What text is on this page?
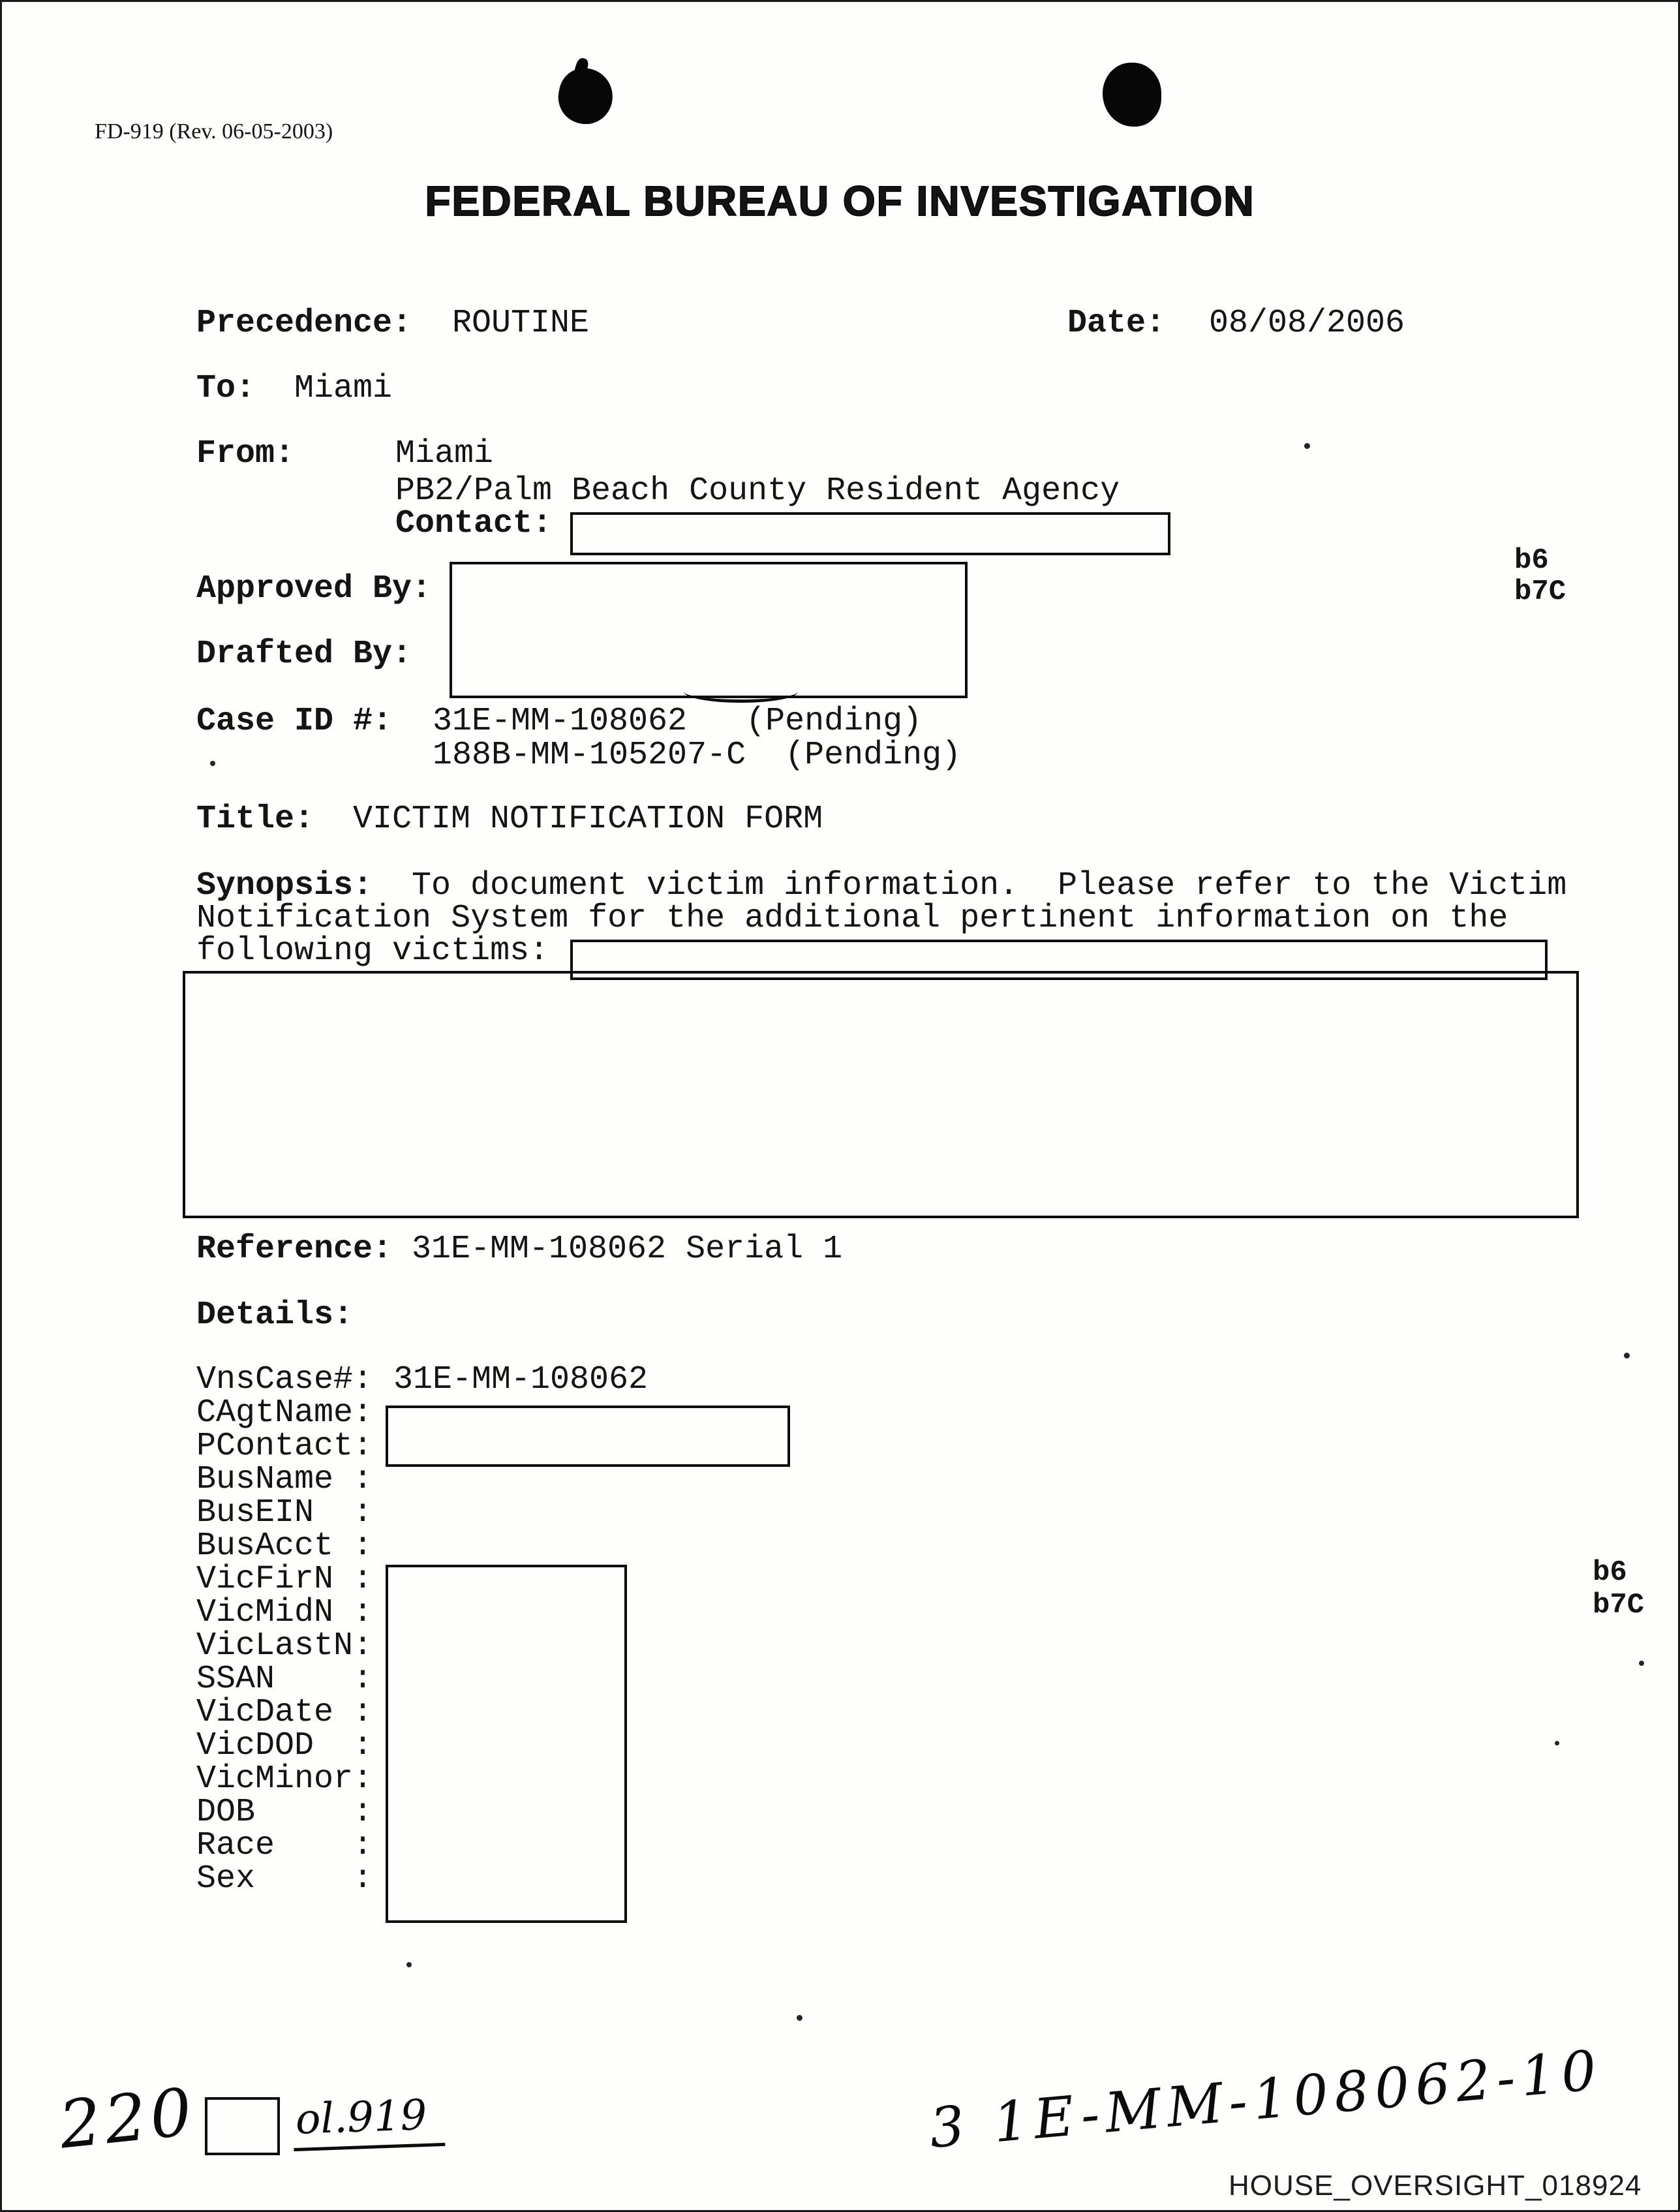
FD-919 (Rev. 06-05-2003)
FEDERAL BUREAU OF INVESTIGATION
Precedence: ROUTINE	Date: 08/08/2006
To: Miami
From:	Miami
PB2/Palm Beach County Resident Agency
Contact:
Approved By:
Drafted By:
b6
b7C
Case ID #: 31E-MM-108062   (Pending)
188B-MM-105207-C  (Pending)
Title: VICTIM NOTIFICATION FORM
Synopsis: To document victim information.  Please refer to the Victim
Notification System for the additional pertinent information on the
following victims:
Reference: 31E-MM-108062 Serial 1
Details:
VnsCase#: 31E-MM-108062
CAgtName:
PContact:
BusName :
BusEIN  :
BusAcct :
VicFirN :
VicMidN :
VicLastN:
SSAN    :
VicDate :
VicDOD  :
VicMinor:
DOB     :
Race    :
Sex     :
b6
b7C
220 ol.919	3 1E-MM-108062-10
HOUSE_OVERSIGHT_018924
